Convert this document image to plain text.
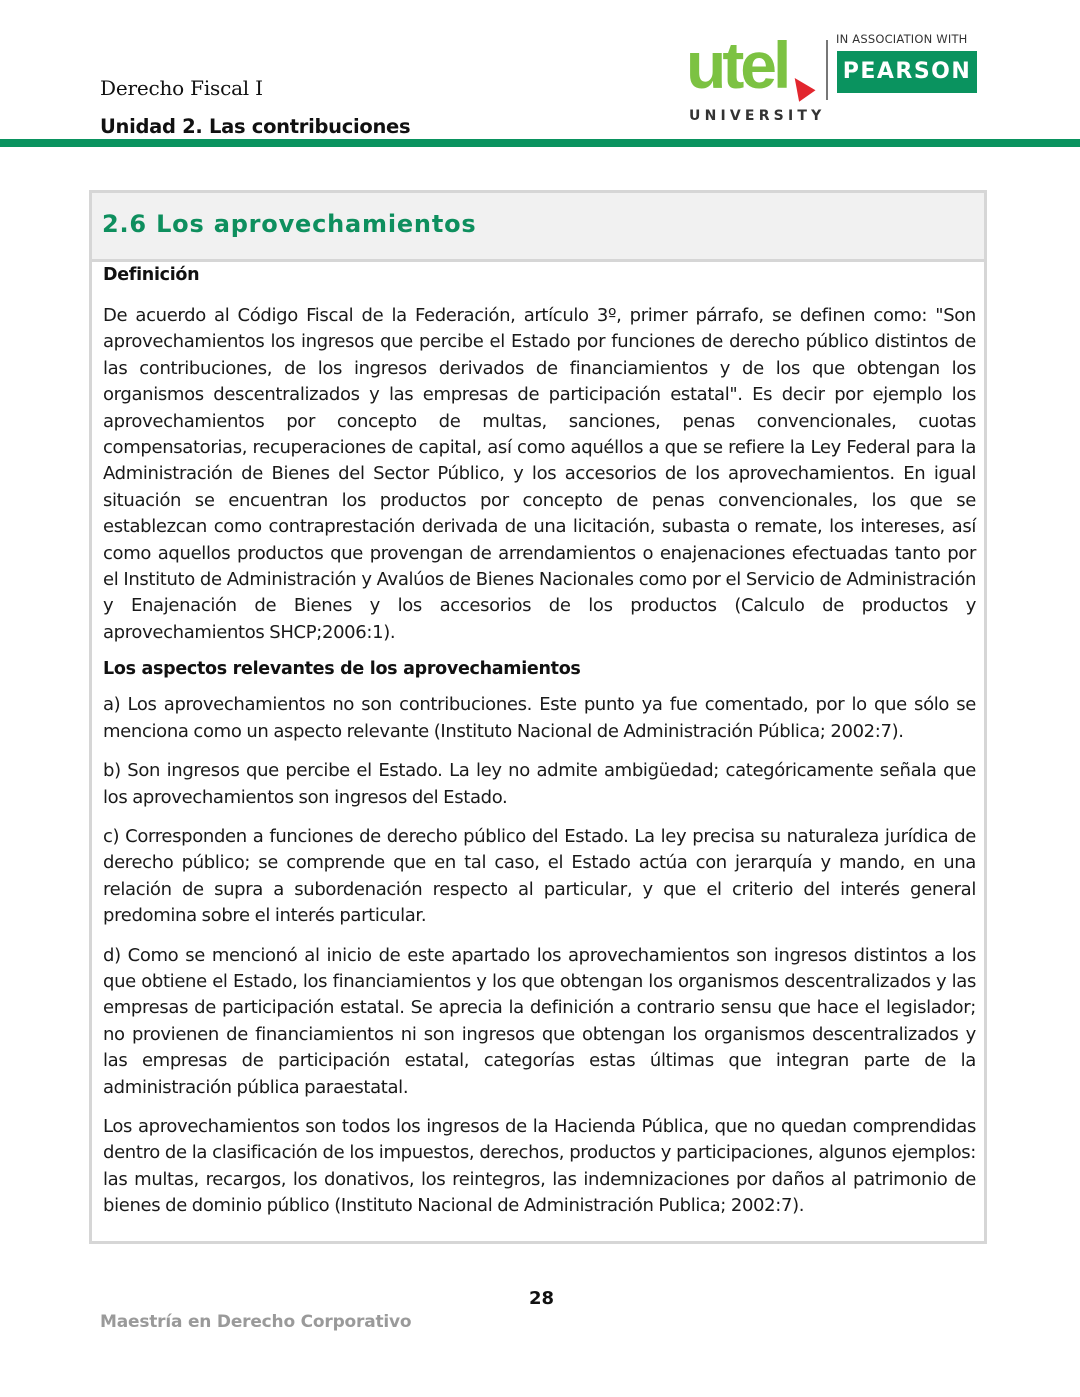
Derecho Fiscal I
Unidad 2. Las contribuciones
utel
UNIVERSITY
IN ASSOCIATION WITH
PEARSON
2.6 Los aprovechamientos

Definición

De acuerdo al Código Fiscal de la Federación, artículo 3º, primer párrafo, se definen como: "Son aprovechamientos los ingresos que percibe el Estado por funciones de derecho público distintos de las contribuciones, de los ingresos derivados de financiamientos y de los que obtengan los organismos descentralizados y las empresas de participación estatal". Es decir por ejemplo los aprovechamientos por concepto de multas, sanciones, penas convencionales, cuotas compensatorias, recuperaciones de capital, así como aquéllos a que se refiere la Ley Federal para la Administración de Bienes del Sector Público, y los accesorios de los aprovechamientos. En igual situación se encuentran los productos por concepto de penas convencionales, los que se establezcan como contraprestación derivada de una licitación, subasta o remate, los intereses, así como aquellos productos que provengan de arrendamientos o enajenaciones efectuadas tanto por el Instituto de Administración y Avalúos de Bienes Nacionales como por el Servicio de Administración y Enajenación de Bienes y los accesorios de los productos (Calculo de productos y aprovechamientos SHCP;2006:1).

Los aspectos relevantes de los aprovechamientos

a) Los aprovechamientos no son contribuciones. Este punto ya fue comentado, por lo que sólo se menciona como un aspecto relevante (Instituto Nacional de Administración Pública; 2002:7).

b) Son ingresos que percibe el Estado. La ley no admite ambigüedad; categóricamente señala que los aprovechamientos son ingresos del Estado.

c) Corresponden a funciones de derecho público del Estado. La ley precisa su naturaleza jurídica de derecho público; se comprende que en tal caso, el Estado actúa con jerarquía y mando, en una relación de supra a subordenación respecto al particular, y que el criterio del interés general predomina sobre el interés particular.

d) Como se mencionó al inicio de este apartado los aprovechamientos son ingresos distintos a los que obtiene el Estado, los financiamientos y los que obtengan los organismos descentralizados y las empresas de participación estatal. Se aprecia la definición a contrario sensu que hace el legislador; no provienen de financiamientos ni son ingresos que obtengan los organismos descentralizados y las empresas de participación estatal, categorías estas últimas que integran parte de la administración pública paraestatal.

Los aprovechamientos son todos los ingresos de la Hacienda Pública, que no quedan comprendidas dentro de la clasificación de los impuestos, derechos, productos y participaciones, algunos ejemplos: las multas, recargos, los donativos, los reintegros, las indemnizaciones por daños al patrimonio de bienes de dominio público (Instituto Nacional de Administración Publica; 2002:7).

28
Maestría en Derecho Corporativo
